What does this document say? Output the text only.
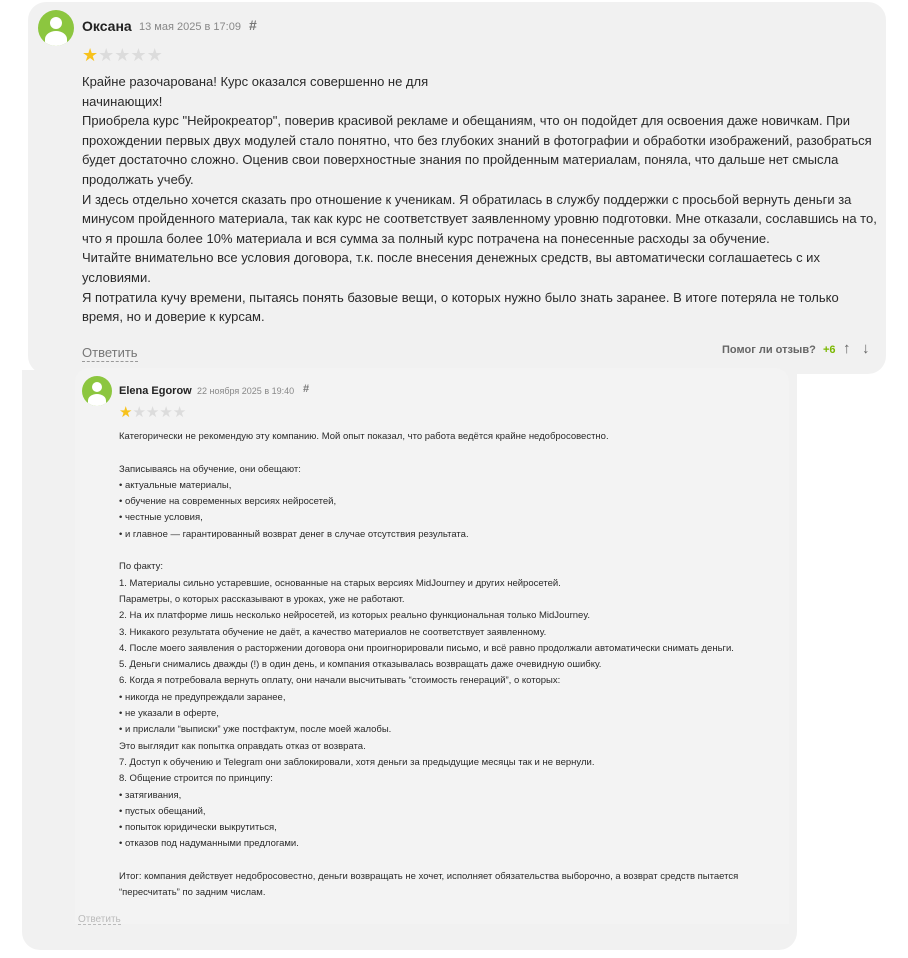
Оксана 13 мая 2025 в 17:09 #
★★★★★

Крайне разочарована! Курс оказался совершенно не для

начинающих!

Приобрела курс "Нейрокреатор", поверив красивой рекламе и обещаниям, что он подойдет для освоения даже новичкам. При прохождении первых двух модулей стало понятно, что без глубоких знаний в фотографии и обработки изображений, разобраться будет достаточно сложно. Оценив свои поверхностные знания по пройденным материалам, поняла, что дальше нет смысла продолжать учебу.

И здесь отдельно хочется сказать про отношение к ученикам. Я обратилась в службу поддержки с просьбой вернуть деньги за минусом пройденного материала, так как курс не соответствует заявленному уровню подготовки. Мне отказали, сославшись на то, что я прошла более 10% материала и вся сумма за полный курс потрачена на понесенные расходы за обучение.

Читайте внимательно все условия договора, т.к. после внесения денежных средств, вы автоматически соглашаетесь с их условиями.

Я потратила кучу времени, пытаясь понять базовые вещи, о которых нужно было знать заранее. В итоге потеряла не только время, но и доверие к курсам.

Ответить	Помог ли отзыв? +6 ↑ ↓
Elena Egorow 22 ноября 2025 в 19:40 #
★★★★★

Категорически не рекомендую эту компанию. Мой опыт показал, что работа ведётся крайне недобросовестно.

Записываясь на обучение, они обещают:

• актуальные материалы,

• обучение на современных версиях нейросетей,

• честные условия,

• и главное — гарантированный возврат денег в случае отсутствия результата.

По факту:

1. Материалы сильно устаревшие, основанные на старых версиях MidJourney и других нейросетей.

Параметры, о которых рассказывают в уроках, уже не работают.

2. На их платформе лишь несколько нейросетей, из которых реально функциональная только MidJourney.

3. Никакого результата обучение не даёт, а качество материалов не соответствует заявленному.

4. После моего заявления о расторжении договора они проигнорировали письмо, и всё равно продолжали автоматически снимать деньги.

5. Деньги снимались дважды (!) в один день, и компания отказывалась возвращать даже очевидную ошибку.

6. Когда я потребовала вернуть оплату, они начали высчитывать “стоимость генераций”, о которых:

• никогда не предупреждали заранее,

• не указали в оферте,

• и прислали “выписки” уже постфактум, после моей жалобы.

Это выглядит как попытка оправдать отказ от возврата.

7. Доступ к обучению и Telegram они заблокировали, хотя деньги за предыдущие месяцы так и не вернули.

8. Общение строится по принципу:

• затягивания,

• пустых обещаний,

• попыток юридически выкрутиться,

• отказов под надуманными предлогами.

Итог: компания действует недобросовестно, деньги возвращать не хочет, исполняет обязательства выборочно, а возврат средств пытается “пересчитать” по задним числам.

Ответить
